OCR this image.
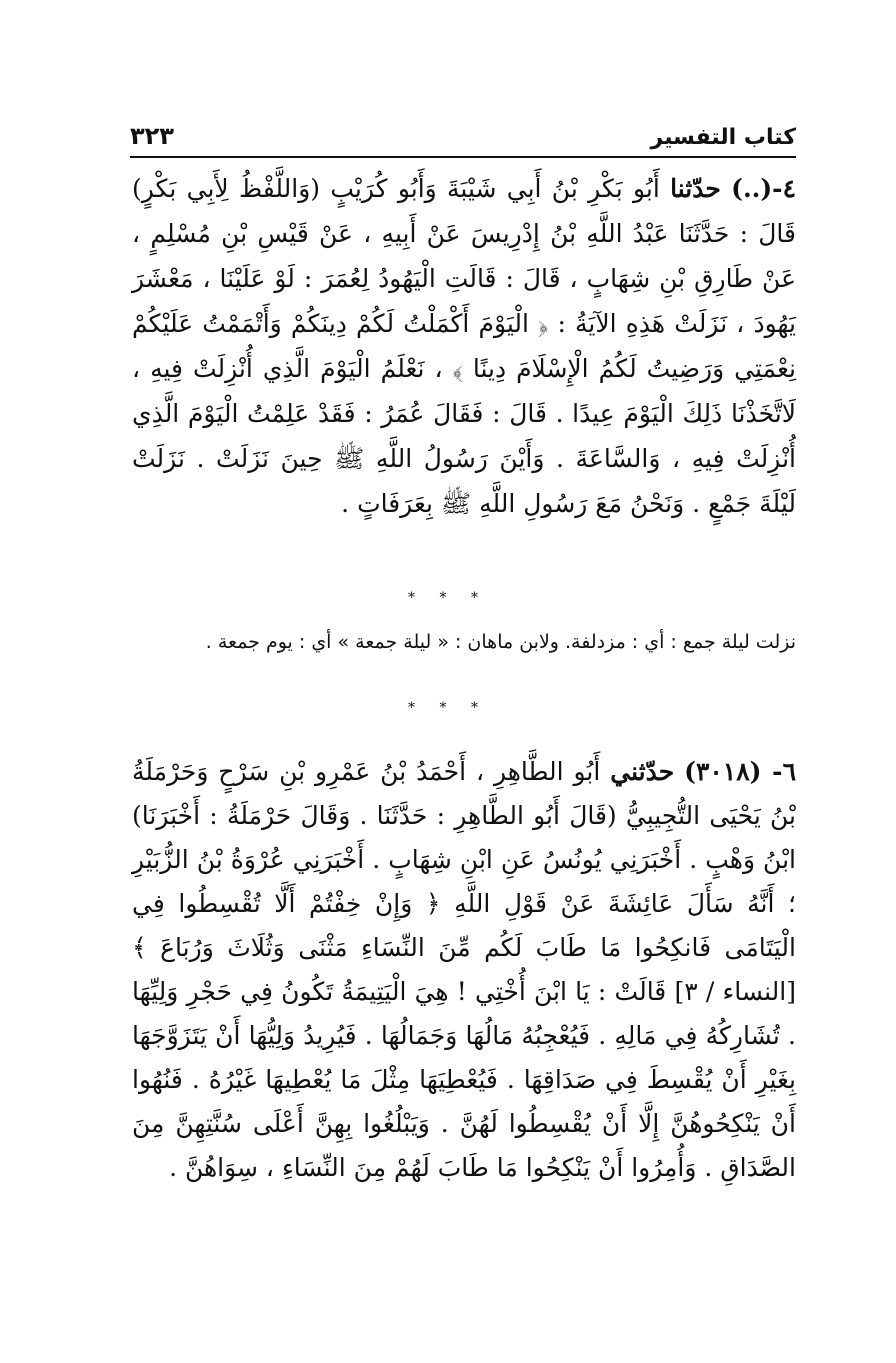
كتاب التفسير
٣٢٣
٤-(..) حدّثنا أَبُو بَكْرِ بْنُ أَبِي شَيْبَةَ وَأَبُو كُرَيْبٍ (وَاللَّفْظُ لِأَبِي بَكْرٍ) قَالَ : حَدَّثَنَا عَبْدُ اللَّهِ بْنُ إِدْرِيسَ عَنْ أَبِيهِ ، عَنْ قَيْسِ بْنِ مُسْلِمٍ ، عَنْ طَارِقِ بْنِ شِهَابٍ ، قَالَ : قَالَتِ الْيَهُودُ لِعُمَرَ : لَوْ عَلَيْنَا ، مَعْشَرَ يَهُودَ ، نَزَلَتْ هَذِهِ الآيَةُ : ﴿ الْيَوْمَ أَكْمَلْتُ لَكُمْ دِينَكُمْ وَأَتْمَمْتُ عَلَيْكُمْ نِعْمَتِي وَرَضِيتُ لَكُمُ الْإِسْلَامَ دِينًا ﴾ ، نَعْلَمُ الْيَوْمَ الَّذِي أُنْزِلَتْ فِيهِ ، لَاتَّخَذْنَا ذَلِكَ الْيَوْمَ عِيدًا . قَالَ : فَقَالَ عُمَرُ : فَقَدْ عَلِمْتُ الْيَوْمَ الَّذِي أُنْزِلَتْ فِيهِ ، وَالسَّاعَةَ . وَأَيْنَ رَسُولُ اللَّهِ ﷺ حِينَ نَزَلَتْ . نَزَلَتْ لَيْلَةَ جَمْعٍ . وَنَحْنُ مَعَ رَسُولِ اللَّهِ ﷺ بِعَرَفَاتٍ .
* * *
نزلت ليلة جمع : أي : مزدلفة. ولابن ماهان : « ليلة جمعة » أي : يوم جمعة .
* * *
٦- (٣٠١٨) حدّثني أَبُو الطَّاهِرِ ، أَحْمَدُ بْنُ عَمْرِو بْنِ سَرْحٍ وَحَرْمَلَةُ بْنُ يَحْيَى التُّجِيبِيُّ (قَالَ أَبُو الطَّاهِرِ : حَدَّثَنَا . وَقَالَ حَرْمَلَةُ : أَخْبَرَنَا) ابْنُ وَهْبٍ . أَخْبَرَنِي يُونُسُ عَنِ ابْنِ شِهَابٍ . أَخْبَرَنِي عُرْوَةُ بْنُ الزُّبَيْرِ ؛ أَنَّهُ سَأَلَ عَائِشَةَ عَنْ قَوْلِ اللَّهِ ﴿ وَإِنْ خِفْتُمْ أَلَّا تُقْسِطُوا فِي الْيَتَامَى فَانكِحُوا مَا طَابَ لَكُم مِّنَ النِّسَاءِ مَثْنَى وَثُلَاثَ وَرُبَاعَ ﴾ [النساء / ٣] قَالَتْ : يَا ابْنَ أُخْتِي ! هِيَ الْيَتِيمَةُ تَكُونُ فِي حَجْرِ وَلِيِّهَا . تُشَارِكُهُ فِي مَالِهِ . فَيُعْجِبُهُ مَالُهَا وَجَمَالُهَا . فَيُرِيدُ وَلِيُّهَا أَنْ يَتَزَوَّجَهَا بِغَيْرِ أَنْ يُقْسِطَ فِي صَدَاقِهَا . فَيُعْطِيَهَا مِثْلَ مَا يُعْطِيهَا غَيْرُهُ . فَنُهُوا أَنْ يَنْكِحُوهُنَّ إِلَّا أَنْ يُقْسِطُوا لَهُنَّ . وَيَبْلُغُوا بِهِنَّ أَعْلَى سُنَّتِهِنَّ مِنَ الصَّدَاقِ . وَأُمِرُوا أَنْ يَنْكِحُوا مَا طَابَ لَهُمْ مِنَ النِّسَاءِ ، سِوَاهُنَّ .
